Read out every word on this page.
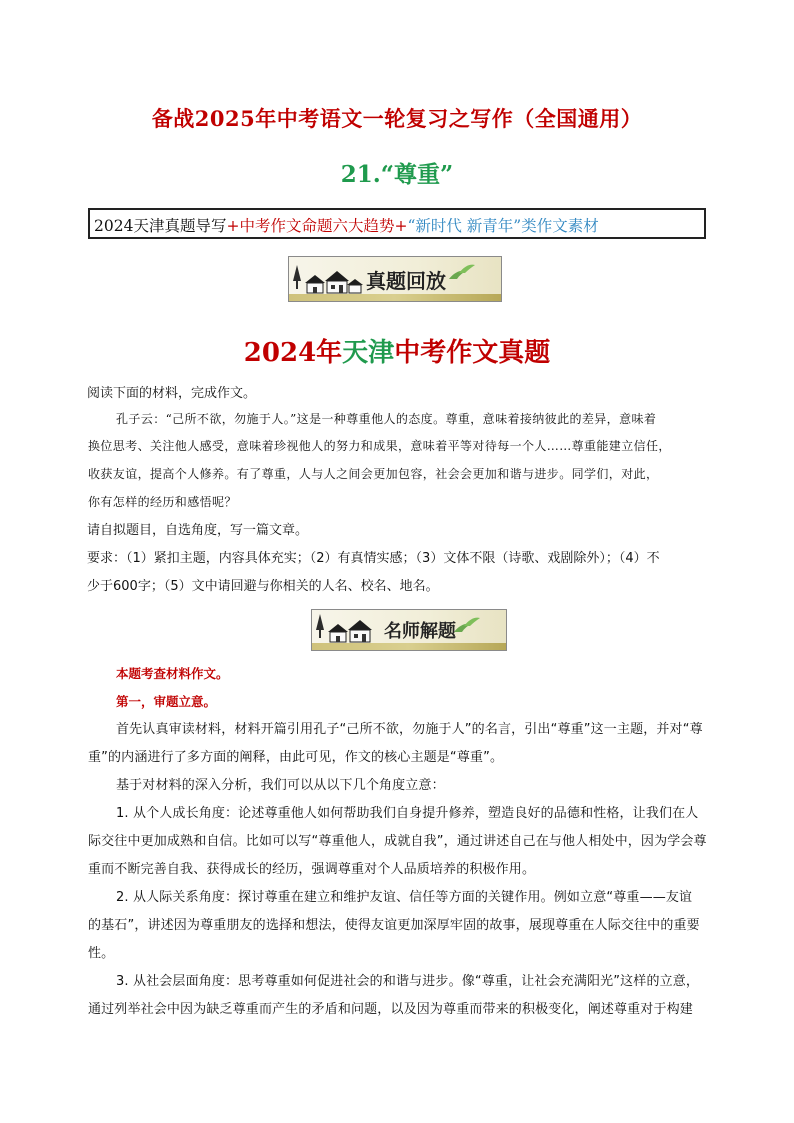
备战2025年中考语文一轮复习之写作（全国通用）
21.“尊重”
2024天津真题导写+中考作文命题六大趋势+“新时代 新青年”类作文素材
真题回放
2024年天津中考作文真题
阅读下面的材料，完成作文。
孔子云：“己所不欲，勿施于人。”这是一种尊重他人的态度。尊重，意味着接纳彼此的差异，意味着
换位思考、关注他人感受，意味着珍视他人的努力和成果，意味着平等对待每一个人……尊重能建立信任，
收获友谊，提高个人修养。有了尊重，人与人之间会更加包容，社会会更加和谐与进步。同学们，对此，
你有怎样的经历和感悟呢？
请自拟题目，自选角度，写一篇文章。
要求：（1）紧扣主题，内容具体充实；（2）有真情实感；（3）文体不限（诗歌、戏剧除外）；（4）不
少于600字；（5）文中请回避与你相关的人名、校名、地名。
名师解题
本题考查材料作文。
第一，审题立意。
首先认真审读材料，材料开篇引用孔子“己所不欲，勿施于人”的名言，引出“尊重”这一主题，并对“尊
重”的内涵进行了多方面的阐释，由此可见，作文的核心主题是“尊重”。
基于对材料的深入分析，我们可以从以下几个角度立意：
1. 从个人成长角度：论述尊重他人如何帮助我们自身提升修养，塑造良好的品德和性格，让我们在人
际交往中更加成熟和自信。比如可以写“尊重他人，成就自我”，通过讲述自己在与他人相处中，因为学会尊
重而不断完善自我、获得成长的经历，强调尊重对个人品质培养的积极作用。
2. 从人际关系角度：探讨尊重在建立和维护友谊、信任等方面的关键作用。例如立意“尊重——友谊
的基石”，讲述因为尊重朋友的选择和想法，使得友谊更加深厚牢固的故事，展现尊重在人际交往中的重要
性。
3. 从社会层面角度：思考尊重如何促进社会的和谐与进步。像“尊重，让社会充满阳光”这样的立意，
通过列举社会中因为缺乏尊重而产生的矛盾和问题，以及因为尊重而带来的积极变化，阐述尊重对于构建
